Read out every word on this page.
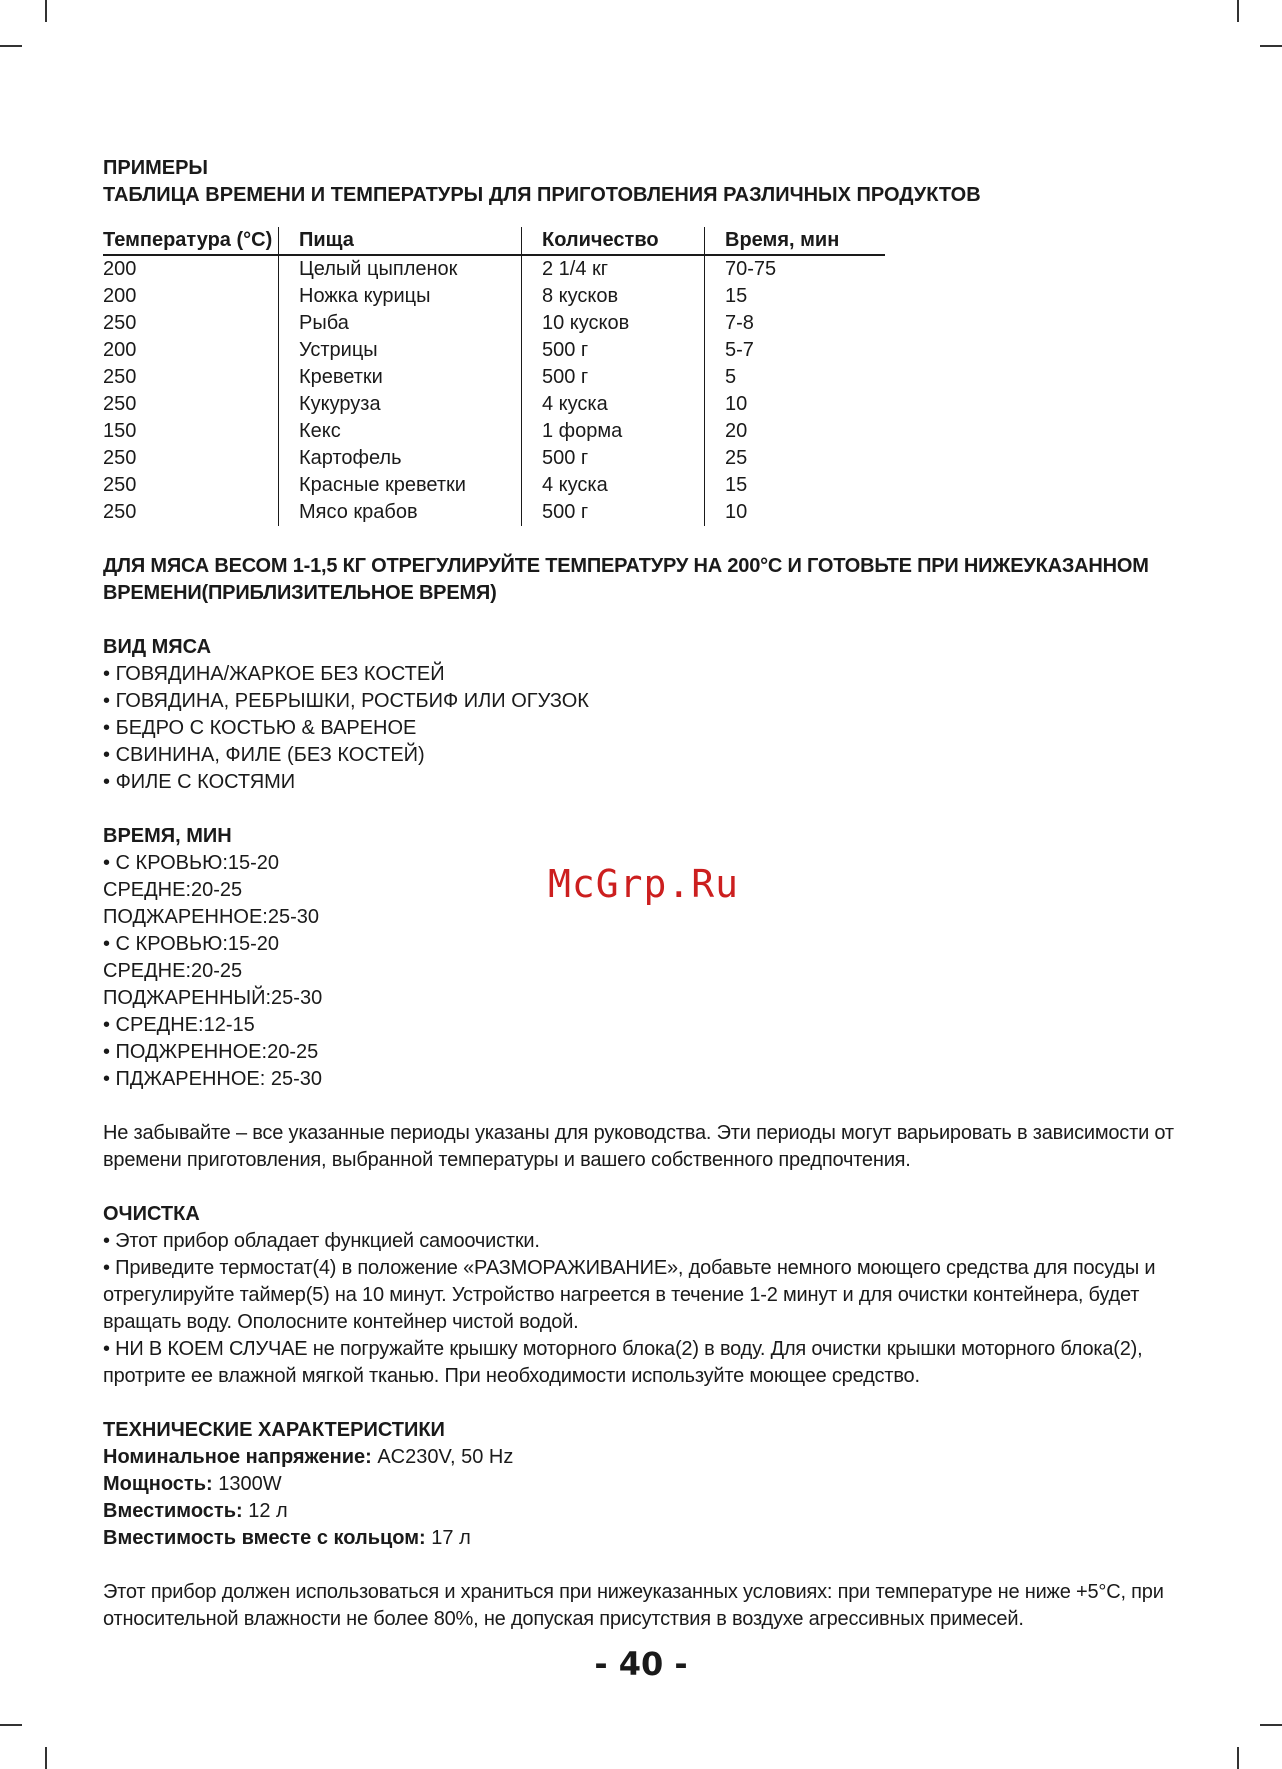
ПРИМЕРЫ
ТАБЛИЦА ВРЕМЕНИ И ТЕМПЕРАТУРЫ ДЛЯ ПРИГОТОВЛЕНИЯ РАЗЛИЧНЫХ ПРОДУКТОВ
Температура (°C)	Пища	Количество	Время, мин
200	Целый цыпленок	2 1/4 кг	70-75
200	Ножка курицы	8 кусков	15
250	Рыба	10 кусков	7-8
200	Устрицы	500 г	5-7
250	Креветки	500 г	5
250	Кукуруза	4 куска	10
150	Кекс	1 форма	20
250	Картофель	500 г	25
250	Красные креветки	4 куска	15
250	Мясо крабов	500 г	10
ДЛЯ МЯСА ВЕСОМ 1-1,5 КГ ОТРЕГУЛИРУЙТЕ ТЕМПЕРАТУРУ НА 200°C И ГОТОВЬТЕ ПРИ НИЖЕУКАЗАННОМ ВРЕМЕНИ(ПРИБЛИЗИТЕЛЬНОЕ ВРЕМЯ)
ВИД МЯСА
• ГОВЯДИНА/ЖАРКОЕ БЕЗ КОСТЕЙ
• ГОВЯДИНА, РЕБРЫШКИ, РОСТБИФ ИЛИ ОГУЗОК
• БЕДРО С КОСТЬЮ & ВАРЕНОЕ
• СВИНИНА, ФИЛЕ (БЕЗ КОСТЕЙ)
• ФИЛЕ С КОСТЯМИ
ВРЕМЯ, МИН

• С КРОВЬЮ:15-20

СРЕДНЕ:20-25

ПОДЖАРЕННОЕ:25-30

• С КРОВЬЮ:15-20

СРЕДНЕ:20-25

ПОДЖАРЕННЫЙ:25-30

• СРЕДНЕ:12-15

• ПОДЖРЕННОЕ:20-25

• ПДЖАРЕННОЕ: 25-30

Не забывайте – все указанные периоды указаны для руководства. Эти периоды могут варьировать в зависимости от времени приготовления, выбранной температуры и вашего собственного предпочтения.

ОЧИСТКА

• Этот прибор обладает функцией самоочистки.

• Приведите термостат(4) в положение «РАЗМОРАЖИВАНИЕ», добавьте немного моющего средства для посуды и отрегулируйте таймер(5) на 10 минут. Устройство нагреется в течение 1-2 минут и для очистки контейнера, будет вращать воду. Ополосните контейнер чистой водой.

• НИ В КОЕМ СЛУЧАЕ не погружайте крышку моторного блока(2) в воду. Для очистки крышки моторного блока(2), протрите ее влажной мягкой тканью. При необходимости используйте моющее средство.

ТЕХНИЧЕСКИЕ ХАРАКТЕРИСТИКИ

Номинальное напряжение: AC230V, 50 Hz

Мощность: 1300W

Вместимость: 12 л

Вместимость вместе с кольцом: 17 л

Этот прибор должен использоваться и храниться при нижеуказанных условиях: при температуре не ниже +5°C, при относительной влажности не более 80%, не допуская присутствия в воздухе агрессивных примесей.

McGrp.Ru
- 40 -
